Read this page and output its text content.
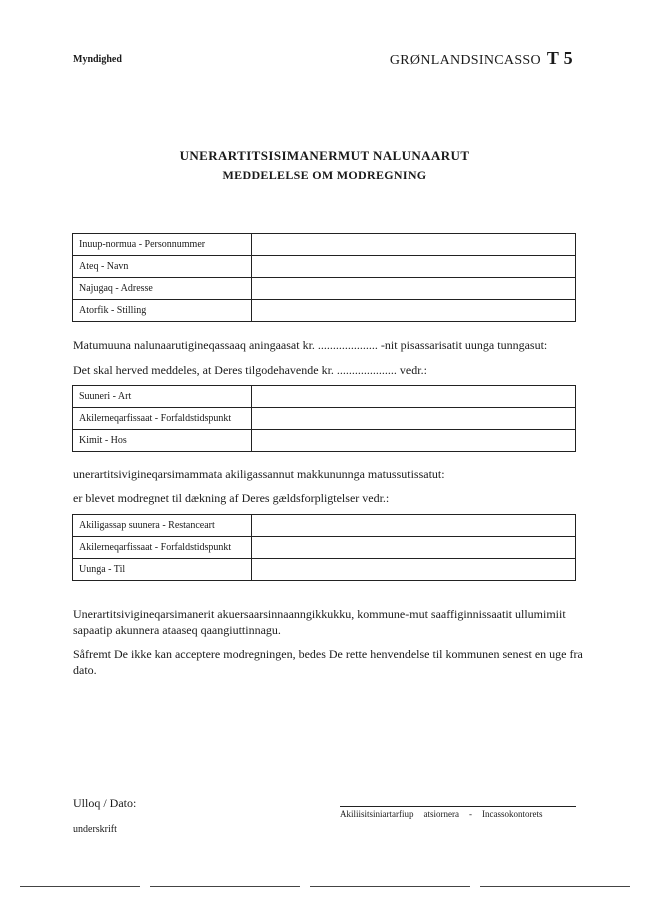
Myndighed	GRØNLANDSINCASSO T 5
UNERARTITSISIMANERMUT NALUNAARUT
MEDDELELSE OM MODREGNING
Inuup-normua - Personnummer	
Ateq - Navn	
Najugaq - Adresse	
Atorfik - Stilling	
Matumuuna nalunaarutigineqassaaq aningaasat kr. .................... -nit pisassarisatit uunga tunngasut:
Det skal herved meddeles, at Deres tilgodehavende kr. .................... vedr.:
Suuneri - Art	
Akilerneqarfissaat - Forfaldstidspunkt	
Kimit - Hos	
unerartitsivigineqarsimammata akiligassannut makkununnga matussutissatut:
er blevet modregnet til dækning af Deres gældsforpligtelser vedr.:
Akiligassap suunera - Restanceart	
Akilerneqarfissaat - Forfaldstidspunkt	
Uunga - Til	
Unerartitsivigineqarsimanerit akuersaarsinnaanngikkukku, kommune-mut saaffiginnissaatit ullumimiit sapaatip akunnera ataaseq qaangiuttinnagu.
Såfremt De ikke kan acceptere modregningen, bedes De rette henvendelse til kommunen senest en uge fra dato.
Ulloq / Dato:
underskrift
Akiliisitsiniartarfiup atsiornera - Incassokontorets
